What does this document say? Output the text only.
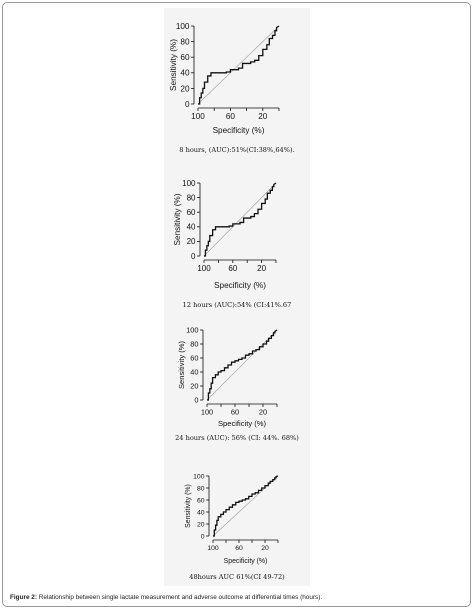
0
20
40
60
80
100
100	60	20
Specificity (%)
Sensitivity (%)
8 hours, (AUC):51%(CI:38%,64%).
0
20
40
60
80
100
100 60 20
Specificity (%)
Sensitivity (%)
12 hours (AUC):54% (CI:41%.67
0
20
40
60
80
100
100 60	20
Specificity (%)
Sensitivity (%)
24 hours (AUC): 56% (CI: 44%. 68%)
0
20
40
60
80
100
100 60	20
Specificity (%)
Sensitivity (%)
48hours AUC 61%(CI 49-72)
Figure 2: Relationship between single lactate measurement and adverse outcome at differential times (hours).
